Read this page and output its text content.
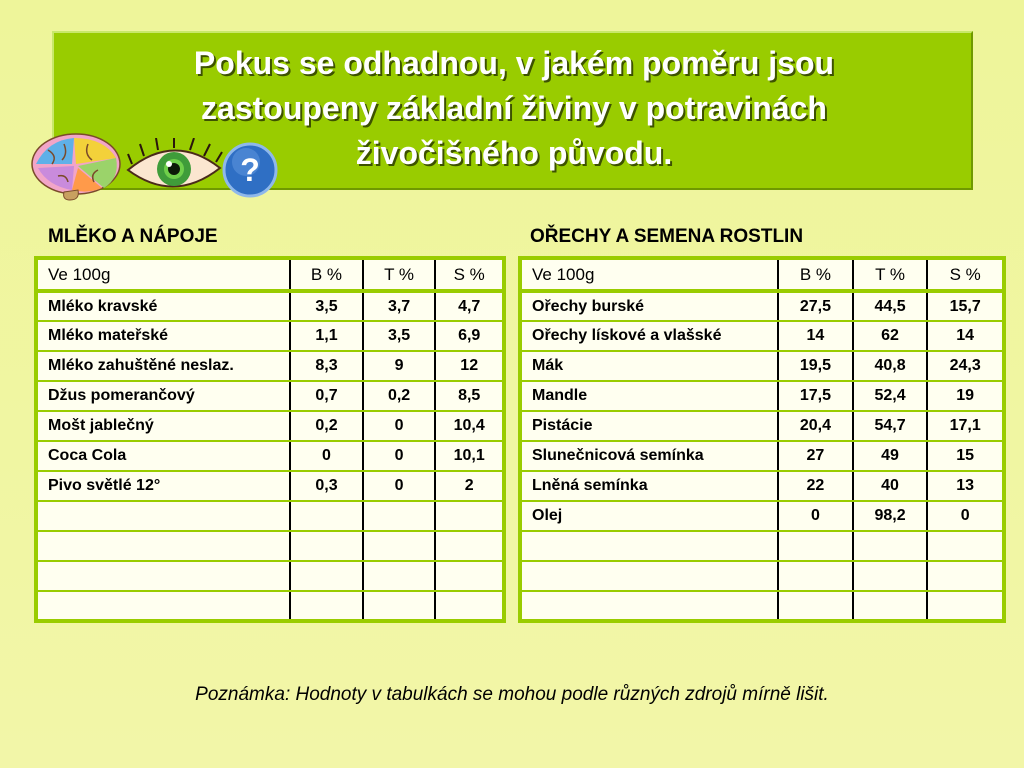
Pokus se odhadnou, v jakém poměru jsou zastoupeny základní živiny v potravinách živočišného původu.

?
MLĚKO A NÁPOJE	OŘECHY A SEMENA ROSTLIN
Ve 100g	B %	T %	S %
Mléko kravské	3,5	3,7	4,7
Mléko mateřské	1,1	3,5	6,9
Mléko zahuštěné neslaz.	8,3	9	12
Džus pomerančový	0,7	0,2	8,5
Mošt jablečný	0,2	0	10,4
Coca Cola	0	0	10,1
Pivo světlé 12°	0,3	0	2

Ve 100g	B %	T %	S %
Ořechy burské	27,5	44,5	15,7
Ořechy lískové a vlašské	14	62	14
Mák	19,5	40,8	24,3
Mandle	17,5	52,4	19
Pistácie	20,4	54,7	17,1
Slunečnicová semínka	27	49	15
Lněná semínka	22	40	13
Olej	0	98,2	0

Poznámka: Hodnoty v tabulkách se mohou podle různých zdrojů mírně lišit.
